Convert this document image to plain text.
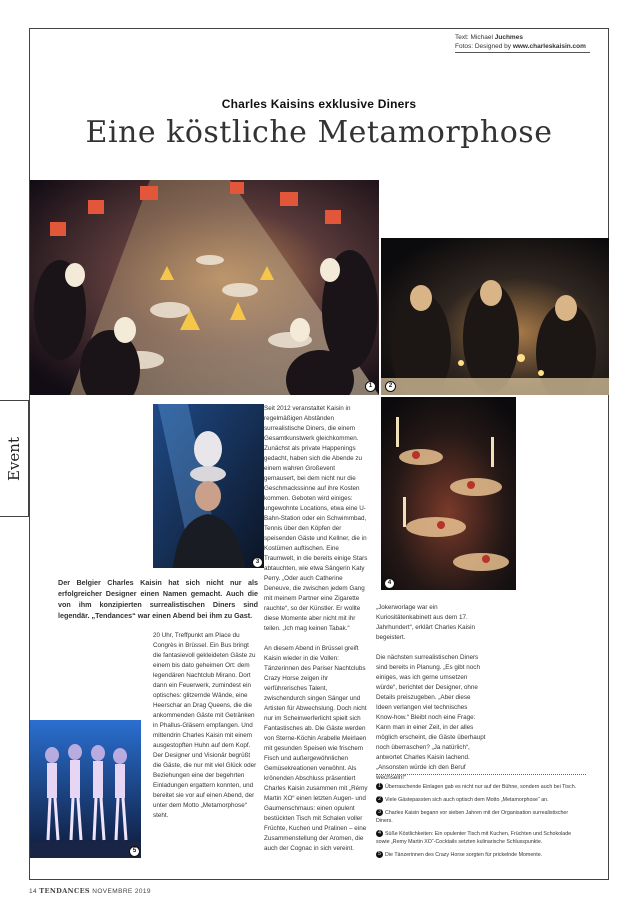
Text: Michael Juchmes
Fotos: Designed by www.charleskaisin.com
Charles Kaisins exklusive Diners
Eine köstliche Metamorphose
1	2
Event
3
4
5
Der Belgier Charles Kaisin hat sich nicht nur als erfolgreicher Designer einen Namen gemacht. Auch die von ihm konzipierten surrealistischen Diners sind legendär. „Tendances“ war einen Abend bei ihm zu Gast.

20 Uhr, Treffpunkt am Place du Congrès in Brüssel. Ein Bus bringt die fantasievoll gekleideten Gäste zu einem bis dato geheimen Ort: dem legendären Nachtclub Mirano. Dort dann ein Feuerwerk, zumindest ein optisches: glitzernde Wände, eine Heerschar an Drag Queens, die die ankommenden Gäste mit Getränken in Phallus-Gläsern empfangen. Und mittendrin Charles Kaisin mit einem ausgestopften Huhn auf dem Kopf. Der Designer und Visionär begrüßt die Gäste, die nur mit viel Glück oder Beziehungen eine der begehrten Einladungen ergattern konnten, und bereitet sie vor auf einen Abend, der unter dem Motto „Metamorphose“ steht.

Seit 2012 veranstaltet Kaisin in regelmäßigen Abständen surrealistische Diners, die einem Gesamtkunstwerk gleichkommen. Zunächst als private Happenings gedacht, haben sich die Abende zu einem wahren Großevent gemausert, bei dem nicht nur die Geschmackssinne auf ihre Kosten kommen. Geboten wird einiges: ungewohnte Locations, etwa eine U-Bahn-Station oder ein Schwimmbad, Tennis über den Köpfen der speisenden Gäste und Kellner, die in Kostümen auftischen. Eine Traumwelt, in die bereits einige Stars abtauchten, wie etwa Sängerin Katy Perry. „Oder auch Catherine Deneuve, die zwischen jedem Gang mit meinem Partner eine Zigarette rauchte“, so der Künstler. Er wollte diese Momente aber nicht mit ihr teilen. „Ich mag keinen Tabak.“

An diesem Abend in Brüssel greift Kaisin wieder in die Vollen: Tänzerinnen des Pariser Nachtclubs Crazy Horse zeigen ihr verführerisches Talent, zwischendurch singen Sänger und Artisten für Abwechslung. Doch nicht nur im Scheinwerferlicht spielt sich Fantastisches ab. Die Gäste werden von Sterne-Köchin Arabelle Meirlaen mit gesunden Speisen wie frischem Fisch und außergewöhnlichen Gemüsekreationen verwöhnt. Als krönenden Abschluss präsentiert Charles Kaisin zusammen mit „Rémy Martin XO“ einen letzten Augen- und Gaumenschmaus: einen opulent bestückten Tisch mit Schalen voller Früchte, Kuchen und Pralinen – eine Zusammenstellung der Aromen, die auch der Cognac in sich vereint.

„Jokerworlage war ein Kuriositätenkabinett aus dem 17. Jahrhundert“, erklärt Charles Kaisin begeistert.

Die nächsten surrealistischen Diners sind bereits in Planung. „Es gibt noch einiges, was ich gerne umsetzen würde“, berichtet der Designer, ohne Details preiszugeben. „Aber diese Ideen verlangen viel technisches Know-how.“ Bleibt noch eine Frage: Kann man in einer Zeit, in der alles möglich erscheint, die Gäste überhaupt noch überraschen? „Ja natürlich“, antwortet Charles Kaisin lachend. „Ansonsten würde ich den Beruf wechseln!“

1 Überraschende Einlagen gab es nicht nur auf der Bühne, sondern auch bei Tisch.
2 Viele Gästepassten sich auch optisch dem Motto „Metamorphose“ an.
3 Charles Kaisin begann vor sieben Jahren mit der Organisation surrealistischer Diners.
4 Süße Köstlichkeiten: Ein opulenter Tisch mit Kuchen, Früchten und Schokolade sowie „Remy Martin XO“-Cocktails setzten kulinarische Schlusspunkte.
5 Die Tänzerinnen des Crazy Horse sorgten für prickelnde Momente.
14 TENDANCES NOVEMBRE 2019
